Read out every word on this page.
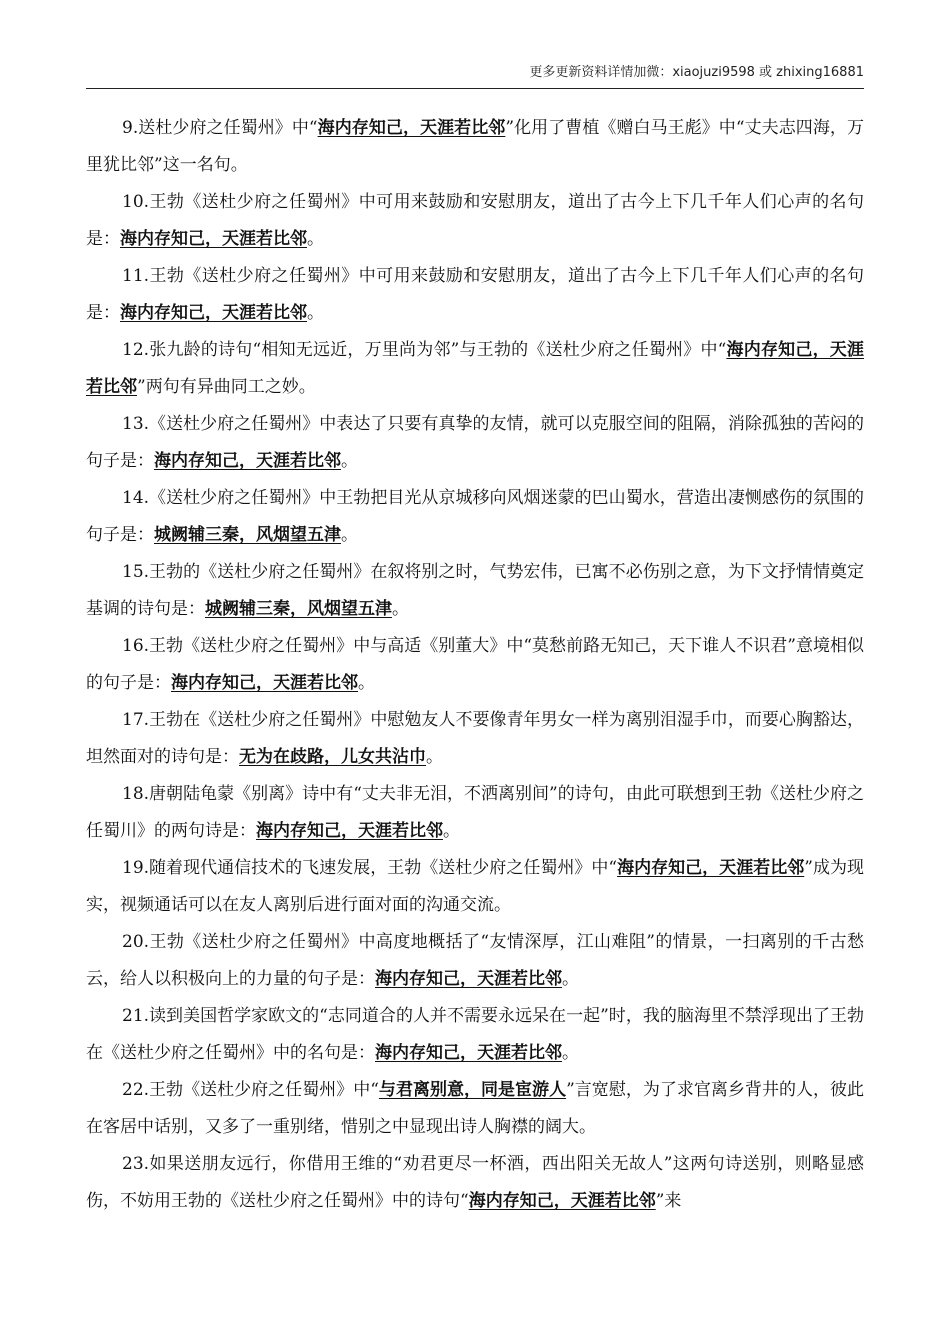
更多更新资料详情加微：xiaojuzi9598 或 zhixing16881

9.送杜少府之任蜀州》中“海内存知己，天涯若比邻”化用了曹植《赠白马王彪》中“丈夫志四海，万里犹比邻”这一名句。

10.王勃《送杜少府之任蜀州》中可用来鼓励和安慰朋友，道出了古今上下几千年人们心声的名句是：海内存知己，天涯若比邻。

11.王勃《送杜少府之任蜀州》中可用来鼓励和安慰朋友，道出了古今上下几千年人们心声的名句是：海内存知己，天涯若比邻。

12.张九龄的诗句“相知无远近，万里尚为邻”与王勃的《送杜少府之任蜀州》中“海内存知己，天涯若比邻”两句有异曲同工之妙。

13.《送杜少府之任蜀州》中表达了只要有真挚的友情，就可以克服空间的阻隔，消除孤独的苦闷的句子是：海内存知己，天涯若比邻。

14.《送杜少府之任蜀州》中王勃把目光从京城移向风烟迷蒙的巴山蜀水，营造出凄恻感伤的氛围的句子是：城阙辅三秦，风烟望五津。

15.王勃的《送杜少府之任蜀州》在叙将别之时，气势宏伟，已寓不必伤别之意，为下文抒情情奠定基调的诗句是：城阙辅三秦，风烟望五津。

16.王勃《送杜少府之任蜀州》中与高适《别董大》中“莫愁前路无知己，天下谁人不识君”意境相似的句子是：海内存知己，天涯若比邻。

17.王勃在《送杜少府之任蜀州》中慰勉友人不要像青年男女一样为离别泪湿手巾，而要心胸豁达，坦然面对的诗句是：无为在歧路，儿女共沾巾。

18.唐朝陆龟蒙《别离》诗中有“丈夫非无泪，不洒离别间”的诗句，由此可联想到王勃《送杜少府之任蜀川》的两句诗是：海内存知己，天涯若比邻。

19.随着现代通信技术的飞速发展，王勃《送杜少府之任蜀州》中“海内存知己，天涯若比邻”成为现实，视频通话可以在友人离别后进行面对面的沟通交流。

20.王勃《送杜少府之任蜀州》中高度地概括了“友情深厚，江山难阻”的情景，一扫离别的千古愁云，给人以积极向上的力量的句子是：海内存知己，天涯若比邻。

21.读到美国哲学家欧文的“志同道合的人并不需要永远呆在一起”时，我的脑海里不禁浮现出了王勃在《送杜少府之任蜀州》中的名句是：海内存知己，天涯若比邻。

22.王勃《送杜少府之任蜀州》中“与君离别意，同是宦游人”言宽慰，为了求官离乡背井的人，彼此在客居中话别，又多了一重别绪，惜别之中显现出诗人胸襟的阔大。

23.如果送朋友远行，你借用王维的“劝君更尽一杯酒，西出阳关无故人”这两句诗送别，则略显感伤，不妨用王勃的《送杜少府之任蜀州》中的诗句“海内存知己，天涯若比邻”来
